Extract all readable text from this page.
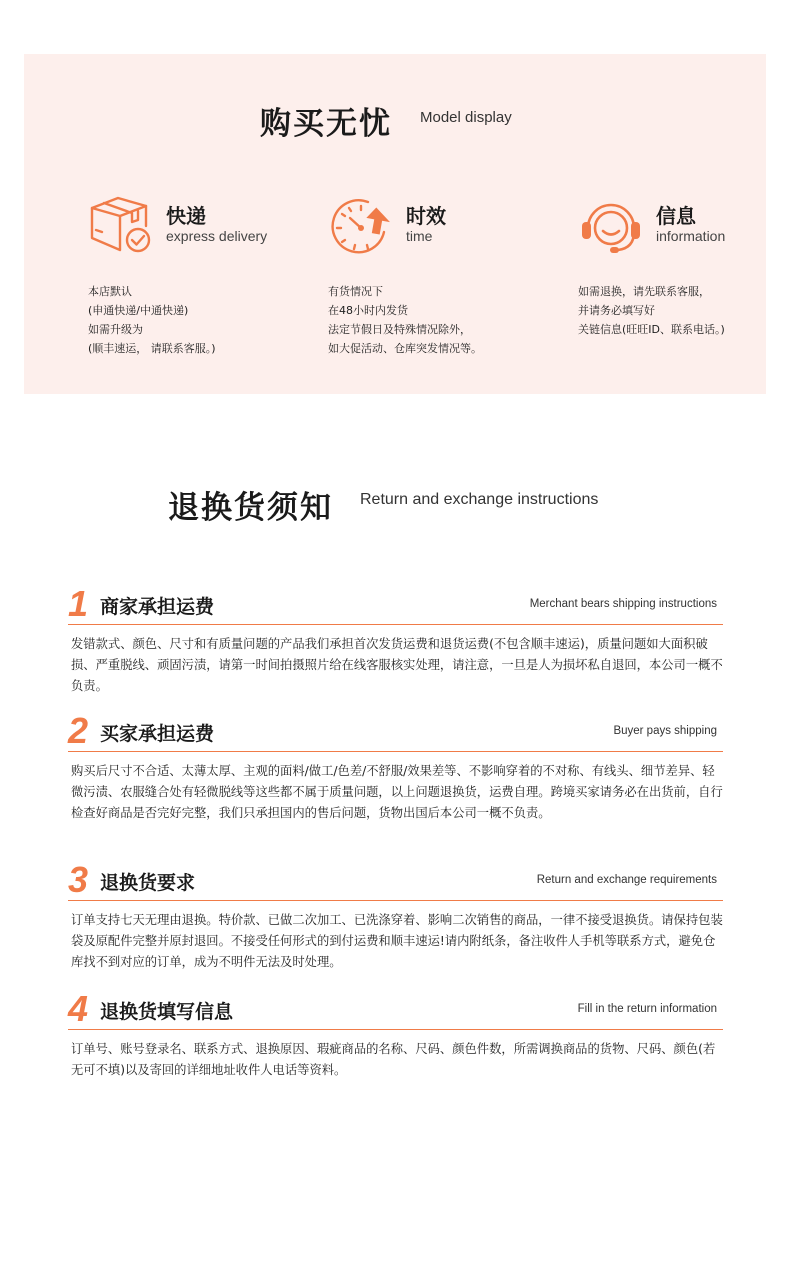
购买无忧 Model display
快递
express delivery
本店默认
(申通快递/中通快递)
如需升级为
(顺丰速运， 请联系客服。)
时效
time
有货情况下
在48小时内发货
法定节假日及特殊情况除外，
如大促活动、仓库突发情况等。
信息
information
如需退换，请先联系客服，
并请务必填写好
关链信息(旺旺ID、联系电话。)
退换货须知 Return and exchange instructions
1 商家承担运费	Merchant bears shipping instructions

发错款式、颜色、尺寸和有质量问题的产品我们承担首次发货运费和退货运费(不包含顺丰速运)，质量问题如大面积破损、严重脱线、顽固污渍，请第一时间拍摄照片给在线客服核实处理，请注意，一旦是人为损坏私自退回，本公司一概不负责。

2 买家承担运费	Buyer pays shipping

购买后尺寸不合适、太薄太厚、主观的面料/做工/色差/不舒服/效果差等、不影响穿着的不对称、有线头、细节差异、轻微污渍、农服缝合处有轻微脱线等这些都不属于质量问题，以上问题退换货，运费自理。跨境买家请务必在出货前，自行检查好商品是否完好完整，我们只承担国内的售后问题，货物出国后本公司一概不负责。

3 退换货要求	Return and exchange requirements

订单支持七天无理由退换。特价款、已做二次加工、已洗涤穿着、影响二次销售的商品，一律不接受退换货。请保持包装袋及原配件完整并原封退回。不接受任何形式的到付运费和顺丰速运!请内附纸条，备注收件人手机等联系方式，避免仓库找不到对应的订单，成为不明件无法及时处理。

4 退换货填写信息	Fill in the return information

订单号、账号登录名、联系方式、退换原因、瑕疵商品的名称、尺码、颜色件数，所需调换商品的货物、尺码、颜色(若无可不填)以及寄回的详细地址收件人电话等资料。
